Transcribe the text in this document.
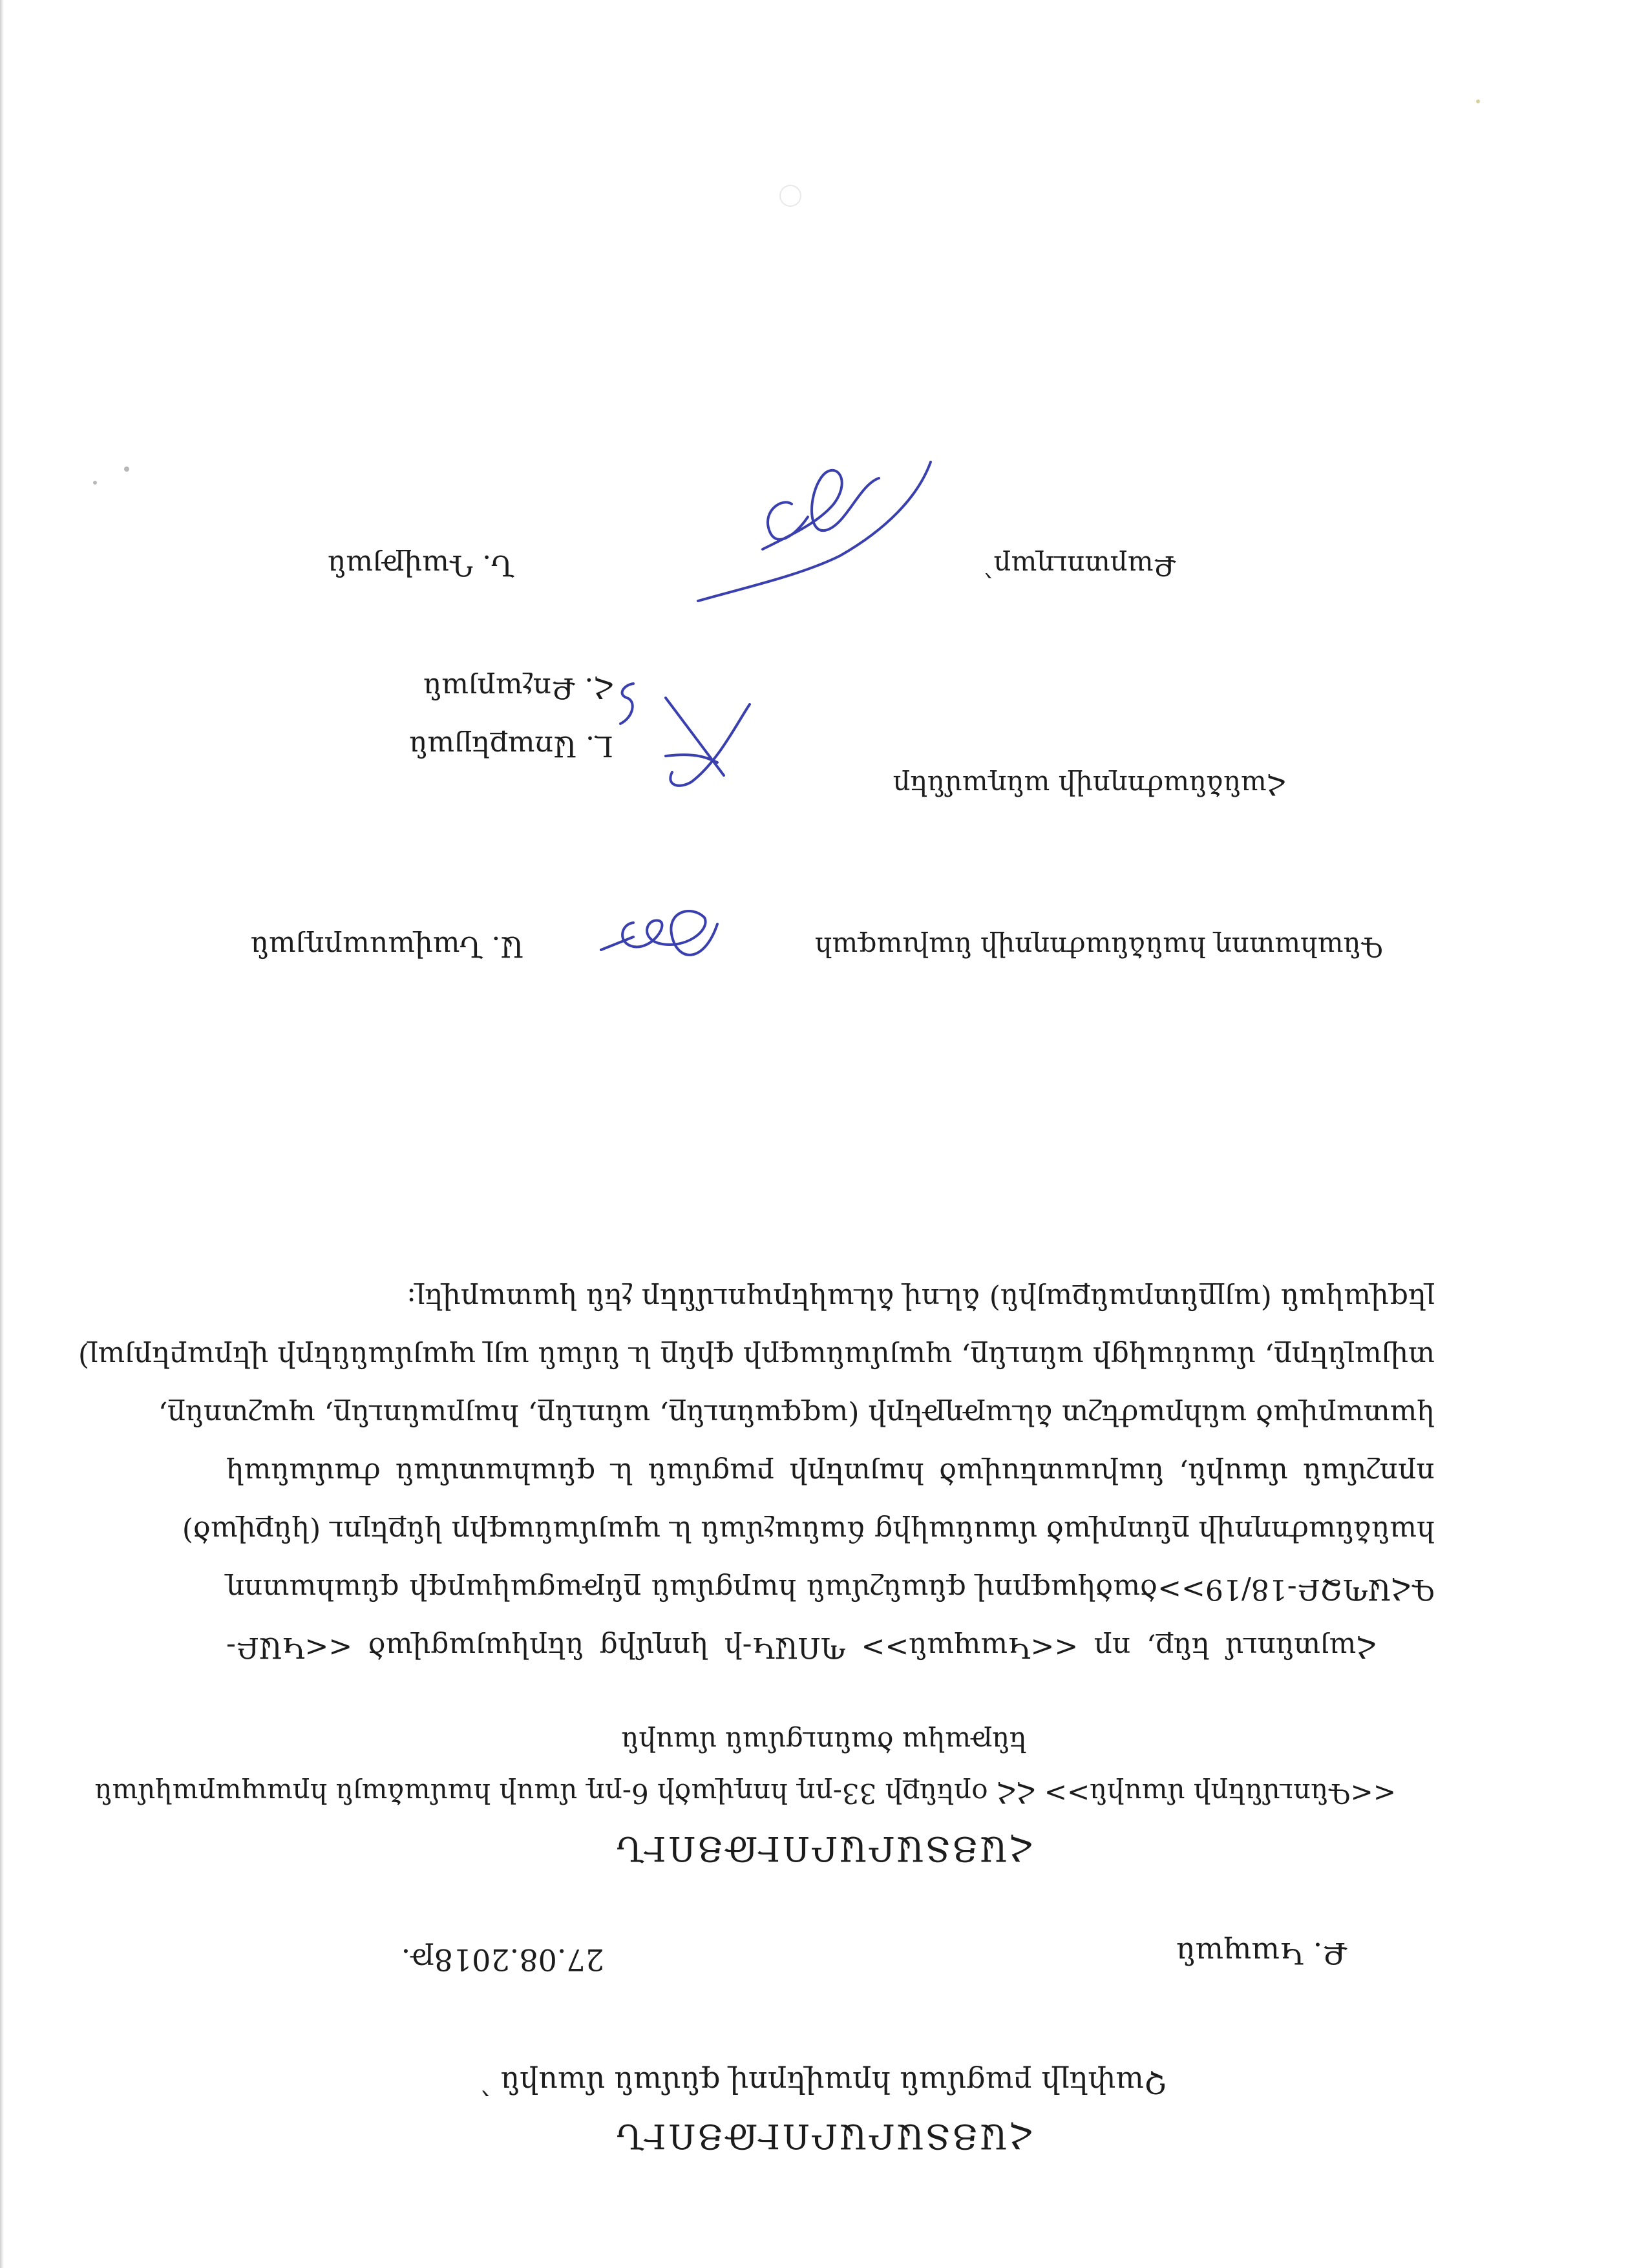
ՀԱՅՏԱՐԱՐՈՒԹՅՈՒՆ
Չափելի բացման հրավերով գնման մասին ՝
Ք. Կապան
27.08.2018թ.
ՀԱՅՏԱՐԱՐՈՒԹՅՈՒՆ
<<Գնումների մասին>> ՀՀ օրենքի 33-րդ հոդվածի 6-րդ մասի համաձայն հրապարակման
ենթակա ծանուցման մասին
Հայտնում ենք, որ <<Կապան>> ՊՈԱԿ-ի կողմից ներկայացված <<ԿԱԲ-
ԳՀԱՊՁԲ-18/19>>ծածկագրով գնանշման հարցման ընթացակարգի գնահատող
հանձնաժողովի ընտրված մասնակից ճանաչման և պայմանագիր կնքելու (կնքված)
որոշման մասին, նախատեսված հայտերի բացման և գնահատման ժամանակ
կատարված անհրաժեշտ ձևաթղթերի (ազգանունը, անունը, հայրանունը, պաշտոնը,
տվյալները, մասնակցի անունը, պայմանագրի գինը և նման այլ պայմանների վերաբերյալ)
լեզվական (այլընտրանքային) ձևով ձևակերպումներ չեն կատարվել:
Գնահատող հանձնաժողովի նախագահ
Ա. Նավասարդյան
Հանձնաժողովի անդամներ
Լ. Առաքելյան
Հ. Քոչարյան
Քարտուղար՝
Ն. Դավթյան
